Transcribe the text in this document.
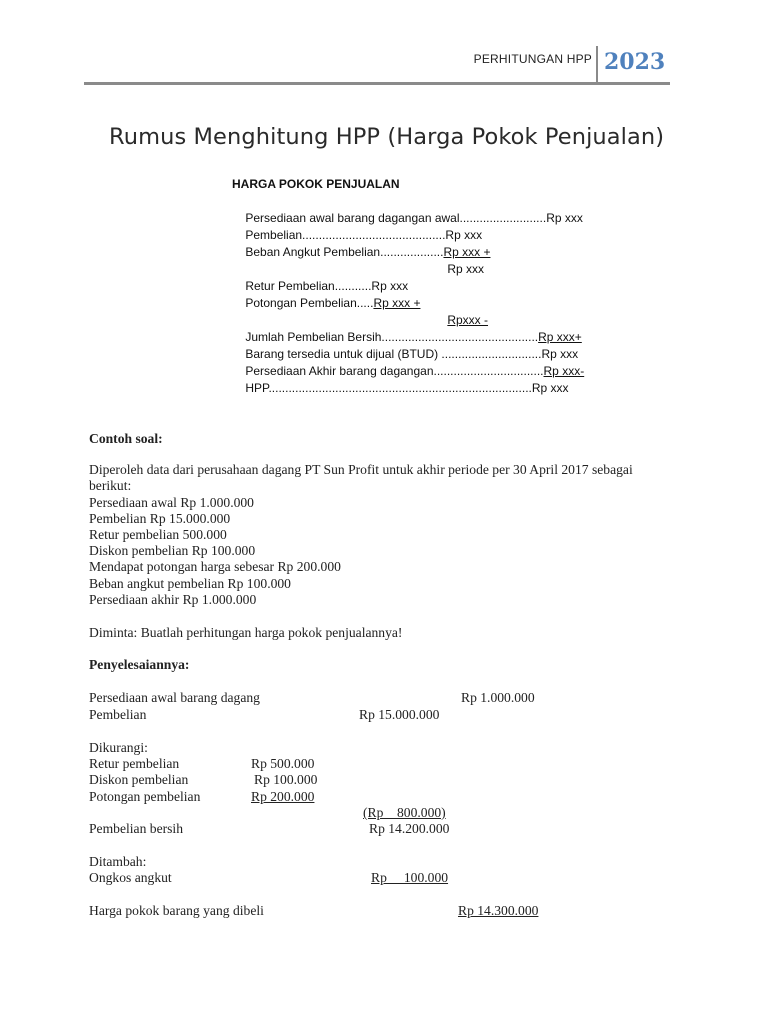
PERHITUNGAN HPP 2023
Rumus Menghitung HPP (Harga Pokok Penjualan)
HARGA POKOK PENJUALAN

Persediaan awal barang dagangan awal..........................Rp xxx

Pembelian...........................................Rp xxx

Beban Angkut Pembelian...................Rp xxx +

Rp xxx

Retur Pembelian...........Rp xxx

Potongan Pembelian.....Rp xxx +

Rpxxx -

Jumlah Pembelian Bersih...............................................Rp xxx+

Barang tersedia untuk dijual (BTUD) ..............................Rp xxx

Persediaan Akhir barang dagangan.................................Rp xxx-

HPP...............................................................................Rp xxx

Contoh soal:
Diperoleh data dari perusahaan dagang PT Sun Profit untuk akhir periode per 30 April 2017 sebagai
berikut:
Persediaan awal Rp 1.000.000
Pembelian Rp 15.000.000
Retur pembelian 500.000
Diskon pembelian Rp 100.000
Mendapat potongan harga sebesar Rp 200.000
Beban angkut pembelian Rp 100.000
Persediaan akhir Rp 1.000.000
Diminta: Buatlah perhitungan harga pokok penjualannya!
Penyelesaiannya:
Persediaan awal barang dagang	Rp 1.000.000
Pembelian	Rp 15.000.000
Dikurangi:
Retur pembelian	Rp 500.000
Diskon pembelian	Rp 100.000
Potongan pembelian	Rp 200.000
(Rp    800.000)
Pembelian bersih	Rp 14.200.000
Ditambah:
Ongkos angkut	Rp     100.000
Harga pokok barang yang dibeli	Rp 14.300.000
